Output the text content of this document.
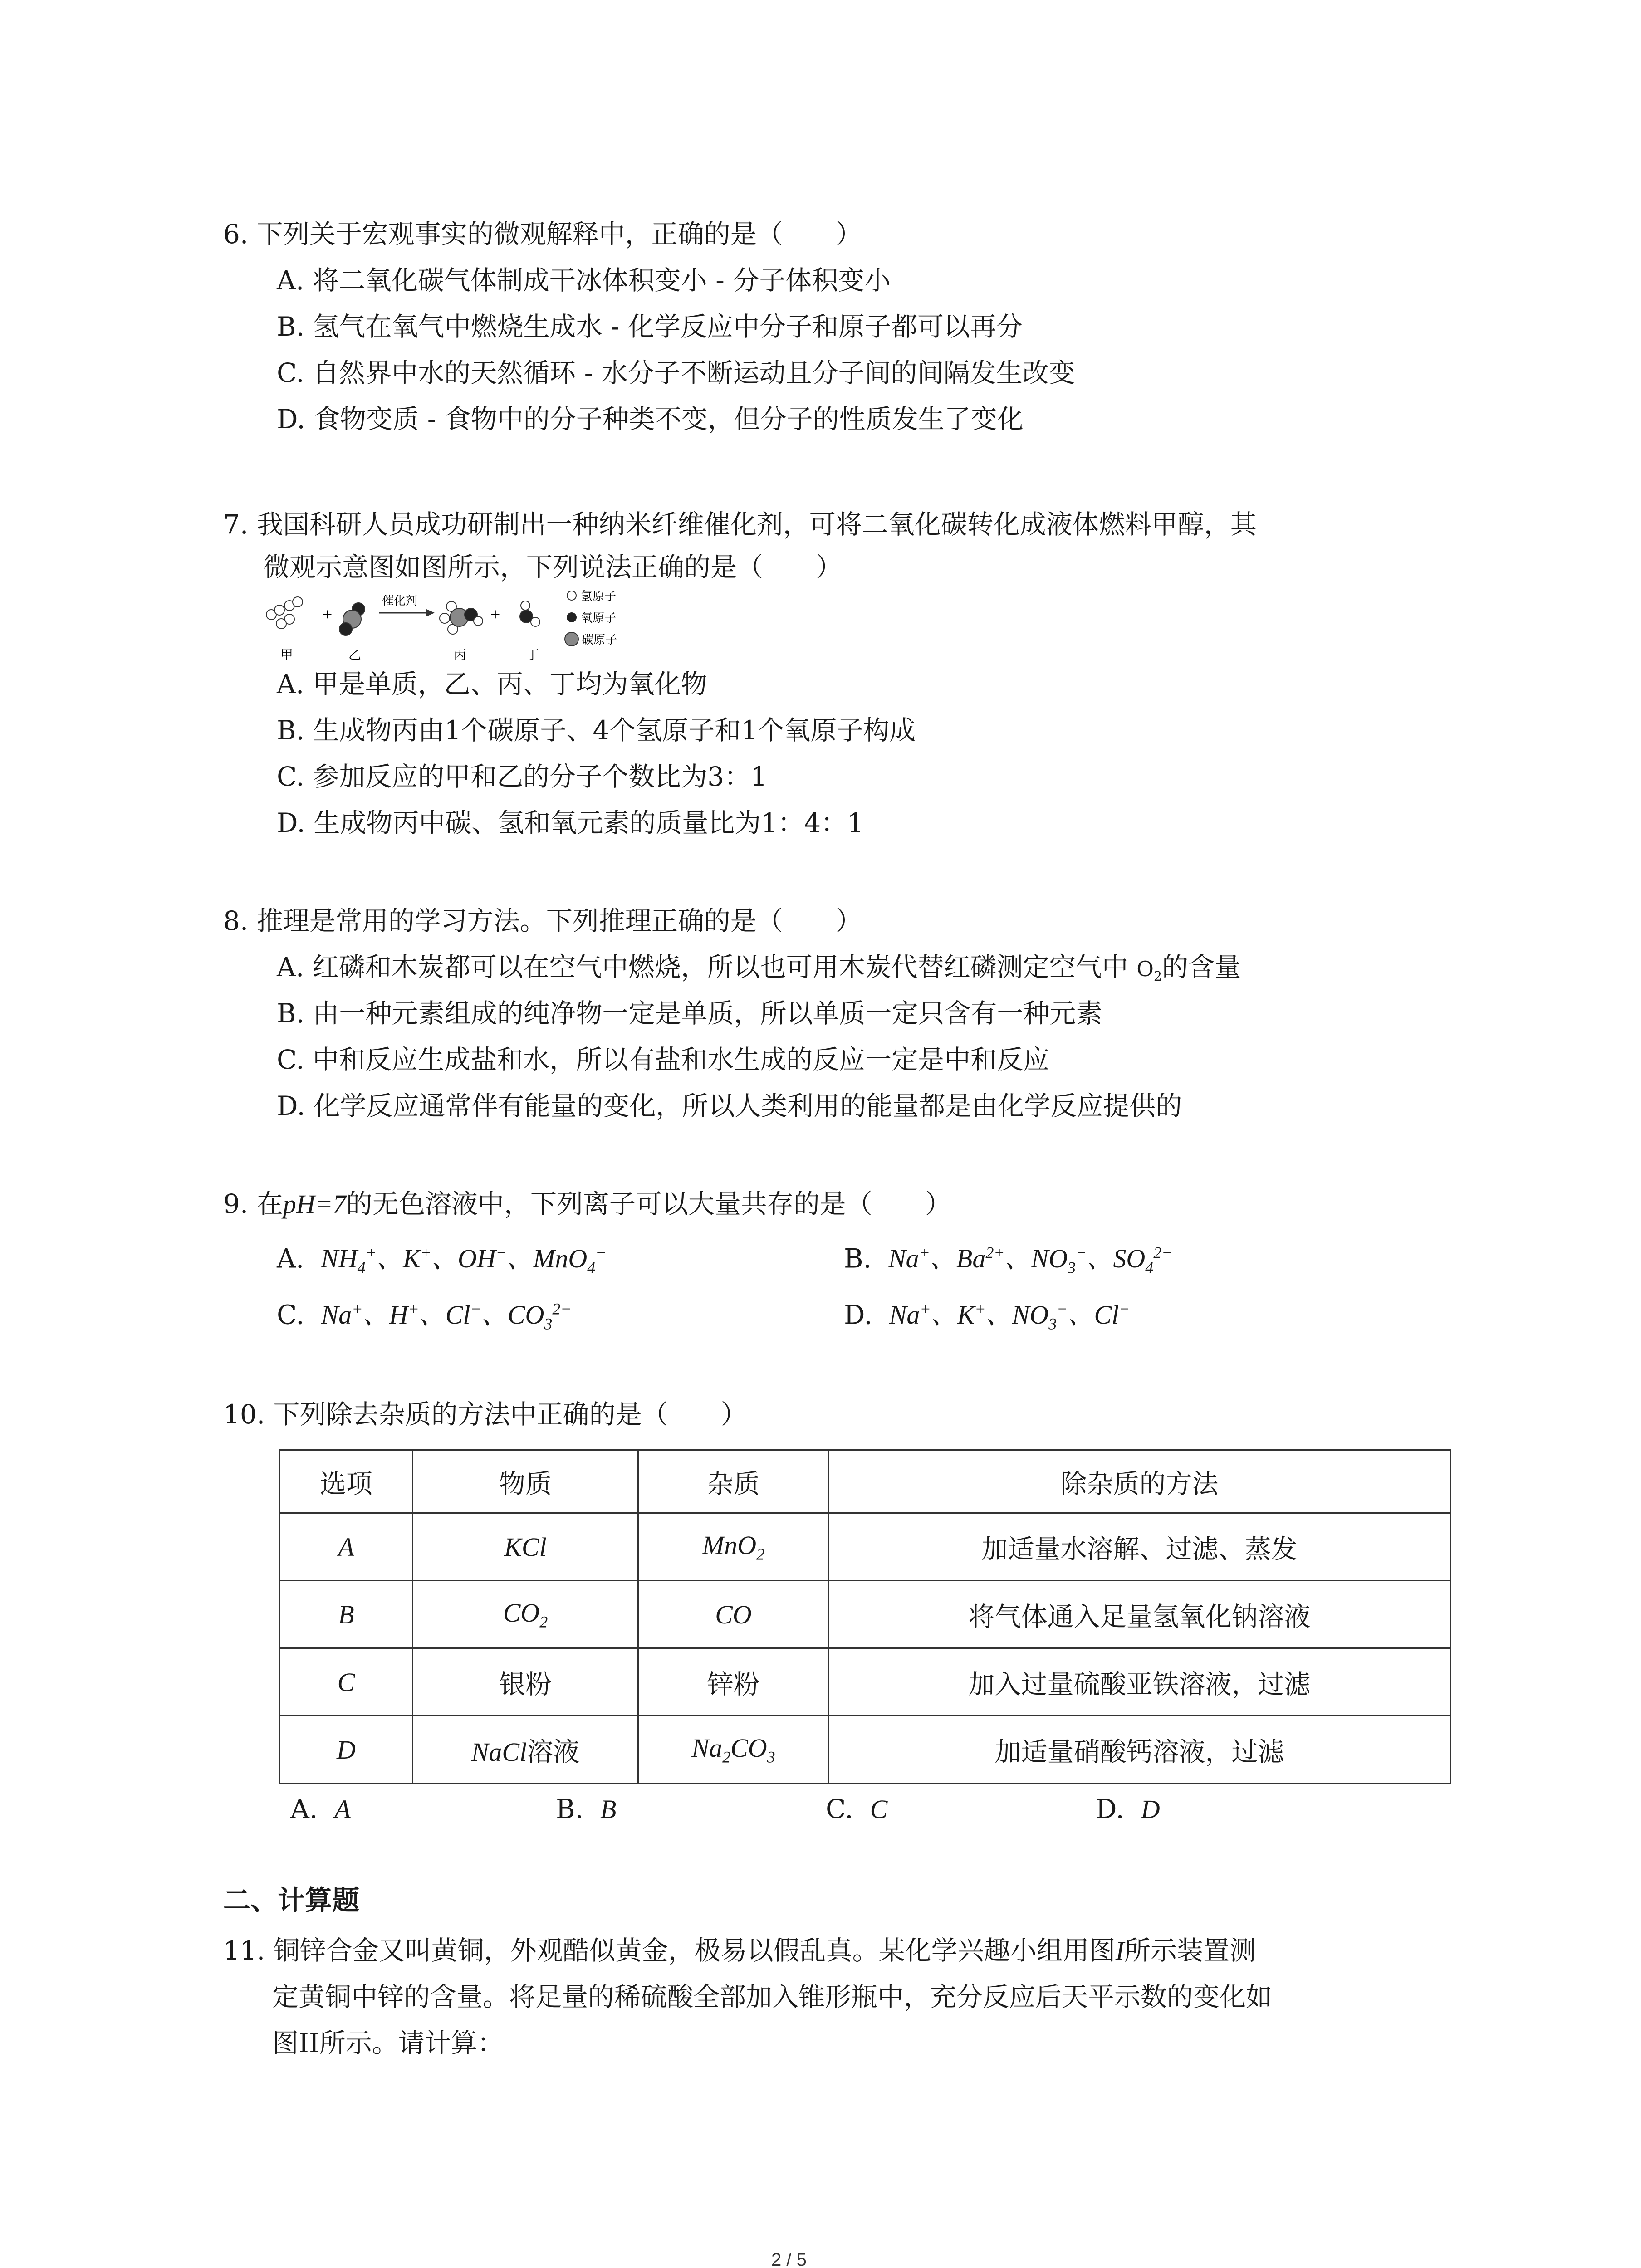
6. 下列关于宏观事实的微观解释中，正确的是（　　）
A. 将二氧化碳气体制成干冰体积变小 - 分子体积变小
B. 氢气在氧气中燃烧生成水 - 化学反应中分子和原子都可以再分
C. 自然界中水的天然循环 - 水分子不断运动且分子间的间隔发生改变
D. 食物变质 - 食物中的分子种类不变，但分子的性质发生了变化
7. 我国科研人员成功研制出一种纳米纤维催化剂，可将二氧化碳转化成液体燃料甲醇，其
微观示意图如图所示，下列说法正确的是（　　）
+
催化剂
+
甲	乙	丙	丁
氢原子
氧原子
碳原子
A. 甲是单质，乙、丙、丁均为氧化物
B. 生成物丙由1个碳原子、4个氢原子和1个氧原子构成
C. 参加反应的甲和乙的分子个数比为3：1
D. 生成物丙中碳、氢和氧元素的质量比为1：4：1
8. 推理是常用的学习方法。下列推理正确的是（　　）
A. 红磷和木炭都可以在空气中燃烧，所以也可用木炭代替红磷测定空气中 $O_2$的含量
B. 由一种元素组成的纯净物一定是单质，所以单质一定只含有一种元素
C. 中和反应生成盐和水，所以有盐和水生成的反应一定是中和反应
D. 化学反应通常伴有能量的变化，所以人类利用的能量都是由化学反应提供的
9. 在pH=7的无色溶液中，下列离子可以大量共存的是（　　）
A. $NH_4^+$、K+、OH−、MnO$_4$−	B. Na+、$Ba^{2+}$、$NO_3^-$、$SO_4^{2-}$
C. Na+、H+、Cl−、$CO_3^{2-}$	D. Na+、K+、$NO_3^-$、Cl−
10. 下列除去杂质的方法中正确的是（　　）
选项	物质	杂质	除杂质的方法
A	KCl	MnO$_2$	加适量水溶解、过滤、蒸发
B	$CO_2$	CO	将气体通入足量氢氧化钠溶液
C	银粉	锌粉	加入过量硫酸亚铁溶液，过滤
D	NaCl溶液	$Na_2CO_3$	加适量硝酸钙溶液，过滤
A. A	B. B	C. C	D. D
二、计算题
11. 铜锌合金又叫黄铜，外观酷似黄金，极易以假乱真。某化学兴趣小组用图I所示装置测
定黄铜中锌的含量。将足量的稀硫酸全部加入锥形瓶中，充分反应后天平示数的变化如
图II所示。请计算：
2 / 5
